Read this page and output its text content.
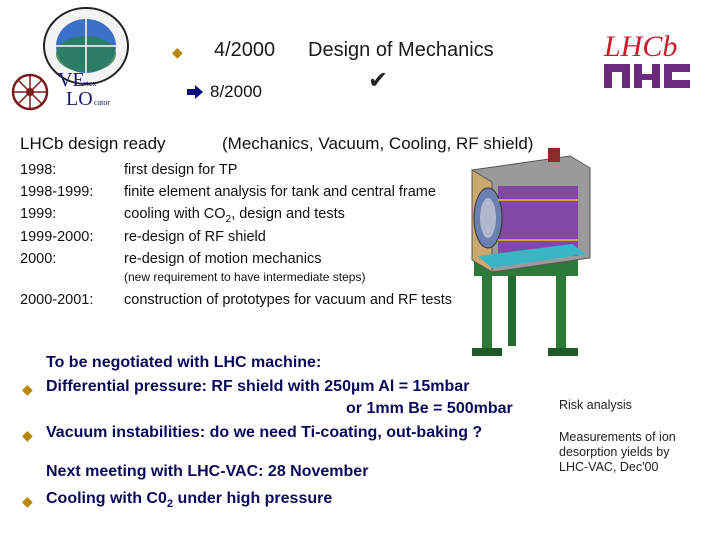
VE rtex
LO cator
◆ 4/2000 Design of Mechanics
8/2000	✔
LHCb
LHCb design ready	(Mechanics, Vacuum, Cooling, RF shield)
1998:	first design for TP
1998-1999: finite element analysis for tank and central frame
1999:	cooling with $CO_2$, design and tests
1999-2000: re-design of RF shield
2000:	re-design of motion mechanics
(new requirement to have intermediate steps)
2000-2001: construction of prototypes for vacuum and RF tests
To be negotiated with LHC machine:
◆ Differential pressure: RF shield with 250µm Al = 15mbar
or 1mm Be = 500mbar
◆ Vacuum instabilities: do we need Ti-coating, out-baking ?
Next meeting with LHC-VAC: 28 November
◆ Cooling with $C0_2$ under high pressure
Risk analysis
Measurements of ion
desorption yields by
LHC-VAC, Dec'00
